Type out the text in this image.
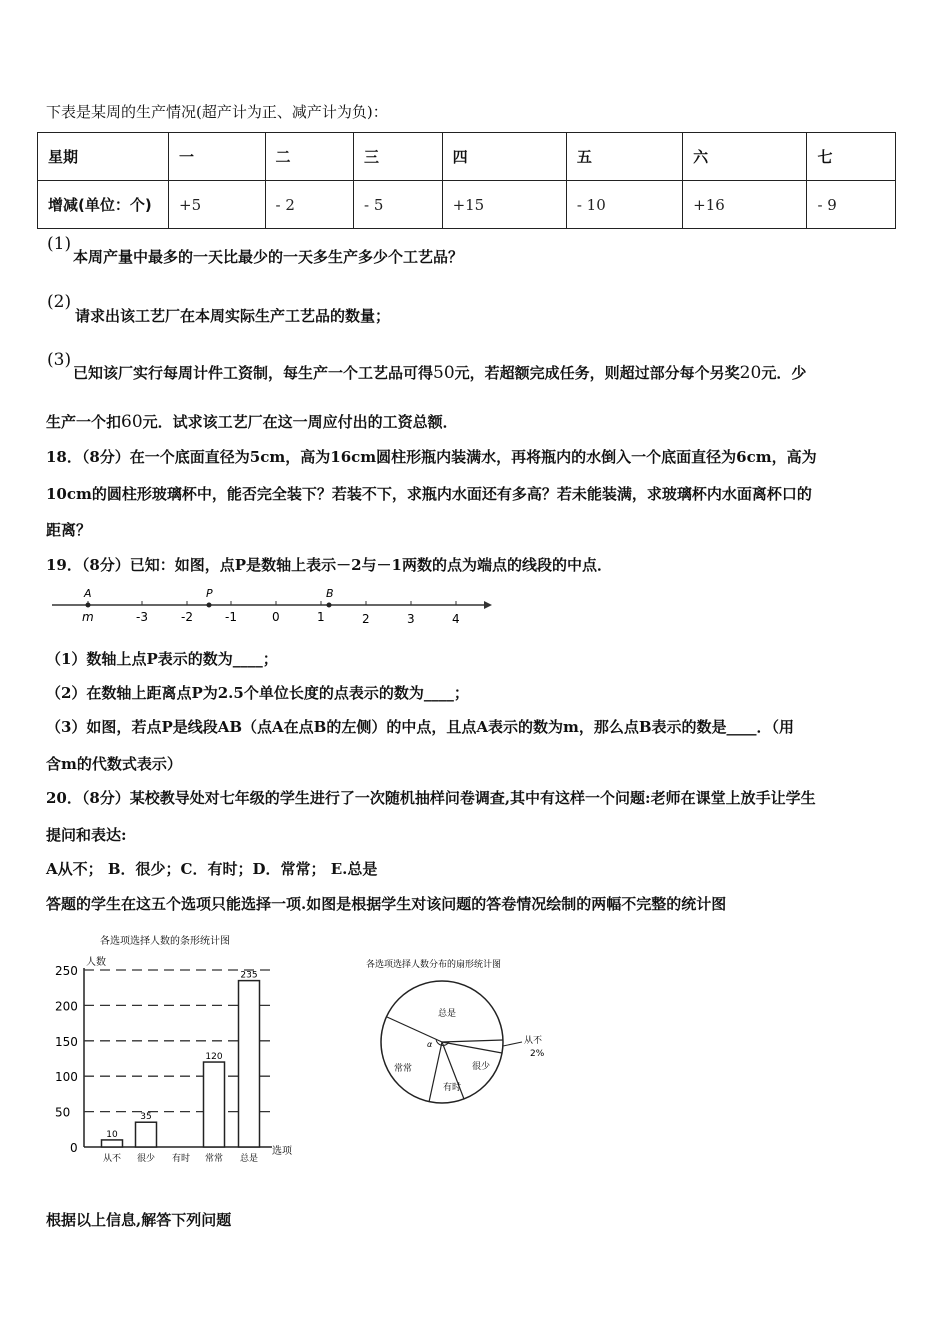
下表是某周的生产情况(超产计为正、减产计为负)：
星期	一	二	三	四	五	六	七
增减(单位：个)	+5	- 2	- 5	+15	- 10	+16	- 9
(1)
本周产量中最多的一天比最少的一天多生产多少个工艺品？
(2)
请求出该工艺厂在本周实际生产工艺品的数量；
(3)
已知该厂实行每周计件工资制，每生产一个工艺品可得50元，若超额完成任务，则超过部分每个另奖20元．少
生产一个扣60元．试求该工艺厂在这一周应付出的工资总额．
18．（8分）在一个底面直径为5cm，高为16cm圆柱形瓶内装满水，再将瓶内的水倒入一个底面直径为6cm，高为
10cm的圆柱形玻璃杯中，能否完全装下？若装不下，求瓶内水面还有多高？若未能装满，求玻璃杯内水面离杯口的
距离？
19．（8分）已知：如图，点P是数轴上表示－2与－1两数的点为端点的线段的中点．
A	P	B
m	-3	-2	-1	0	1	2	3	4
（1）数轴上点P表示的数为____；
（2）在数轴上距离点P为2.5个单位长度的点表示的数为____；
（3）如图，若点P是线段AB（点A在点B的左侧）的中点，且点A表示的数为m，那么点B表示的数是____．（用
含m的代数式表示）
20．（8分）某校教导处对七年级的学生进行了一次随机抽样问卷调查,其中有这样一个问题:老师在课堂上放手让学生
提问和表达:
A从不； B．很少；C．有时；D．常常； E.总是
答题的学生在这五个选项只能选择一项.如图是根据学生对该问题的答卷情况绘制的两幅不完整的统计图
各选项选择人数的条形统计图
人数
选项
0
50
100
150
200
250
10
35
120
235
从不 很少 有时 常常 总是
各选项选择人数分布的扇形统计图
α
总是
常常
有时
很少
从不
2%
根据以上信息,解答下列问题
